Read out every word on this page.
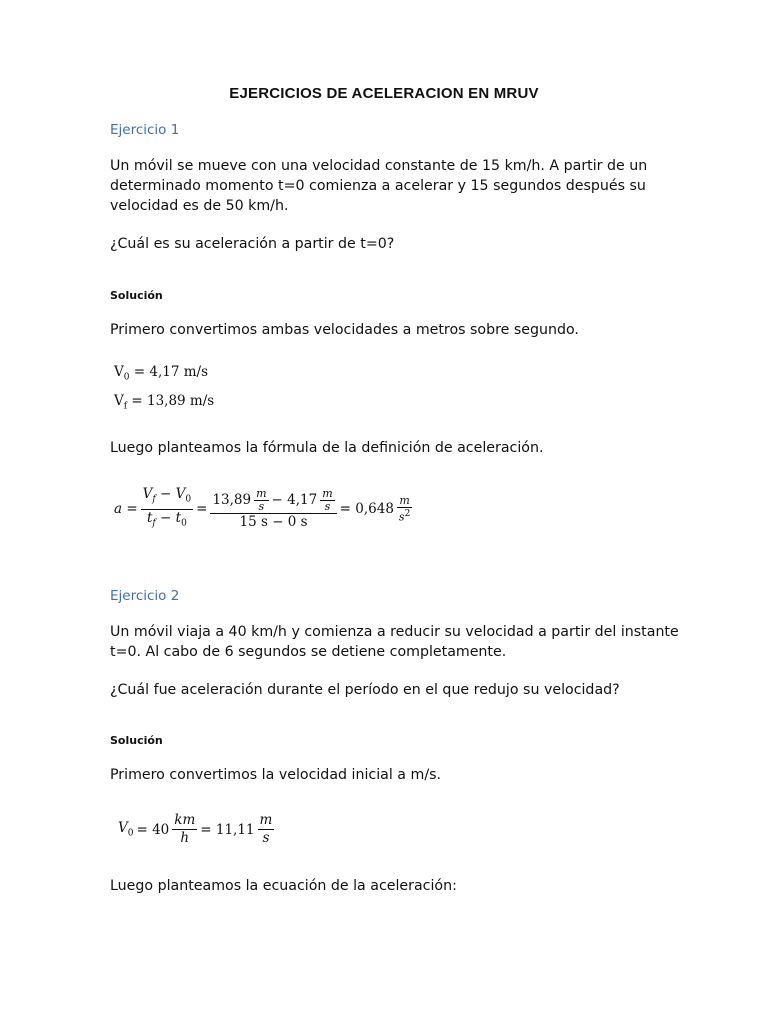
EJERCICIOS DE ACELERACION EN MRUV
Ejercicio 1
Un móvil se mueve con una velocidad constante de 15 km/h. A partir de un
determinado momento t=0 comienza a acelerar y 15 segundos después su
velocidad es de 50 km/h.
¿Cuál es su aceleración a partir de t=0?
Solución
Primero convertimos ambas velocidades a metros sobre segundo.
$V_0 = 4,17$ m/s
$V_f = 13,89$ m/s
Luego planteamos la fórmula de la definición de aceleración.
$a = \frac{V_f - V_0}{t_f - t_0} = \frac{13,89 \frac{m}{s} - 4,17 \frac{m}{s}}{15 s - 0 s} = 0,648 \frac{m}{s^2}$
Ejercicio 2
Un móvil viaja a 40 km/h y comienza a reducir su velocidad a partir del instante
t=0. Al cabo de 6 segundos se detiene completamente.
¿Cuál fue aceleración durante el período en el que redujo su velocidad?
Solución
Primero convertimos la velocidad inicial a m/s.
$V_0 = 40 \frac{km}{h} = 11,11 \frac{m}{s}$
Luego planteamos la ecuación de la aceleración:
